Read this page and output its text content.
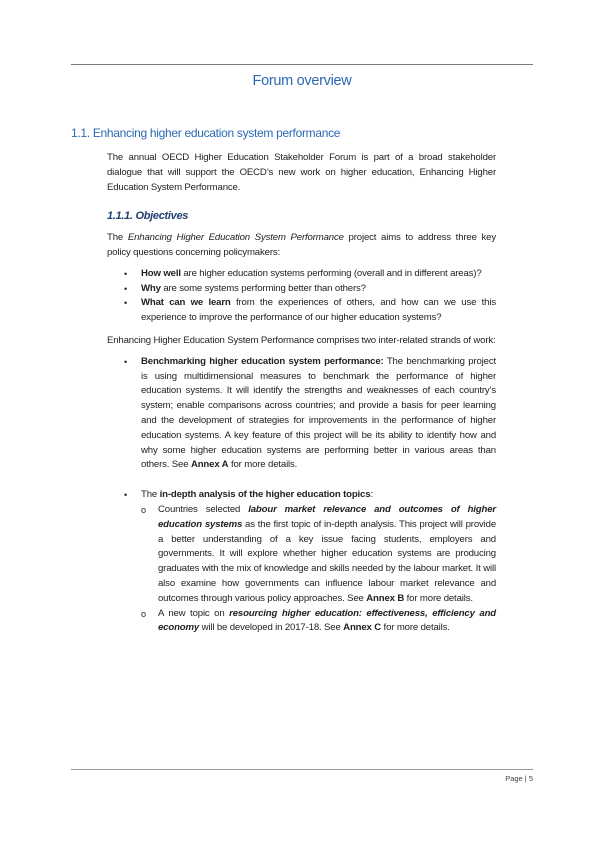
Forum overview
1.1. Enhancing higher education system performance

The annual OECD Higher Education Stakeholder Forum is part of a broad stakeholder dialogue that will support the OECD’s new work on higher education, Enhancing Higher Education System Performance.

1.1.1. Objectives

The Enhancing Higher Education System Performance project aims to address three key policy questions concerning policymakers:

• How well are higher education systems performing (overall and in different areas)?
• Why are some systems performing better than others?
• What can we learn from the experiences of others, and how can we use this experience to improve the performance of our higher education systems?

Enhancing Higher Education System Performance comprises two inter-related strands of work:

• Benchmarking higher education system performance: The benchmarking project is using multidimensional measures to benchmark the performance of higher education systems. It will identify the strengths and weaknesses of each country’s system; enable comparisons across countries; and provide a basis for peer learning and the development of strategies for improvements in the performance of higher education systems. A key feature of this project will be its ability to identify how and why some higher education systems are performing better in various areas than others. See Annex A for more details.
• The in-depth analysis of the higher education topics:
o Countries selected labour market relevance and outcomes of higher education systems as the first topic of in-depth analysis. This project will provide a better understanding of a key issue facing students, employers and governments. It will explore whether higher education systems are producing graduates with the mix of knowledge and skills needed by the labour market. It will also examine how governments can influence labour market relevance and outcomes through various policy approaches. See Annex B for more details.
o A new topic on resourcing higher education: effectiveness, efficiency and economy will be developed in 2017-18. See Annex C for more details.
Page | 5
